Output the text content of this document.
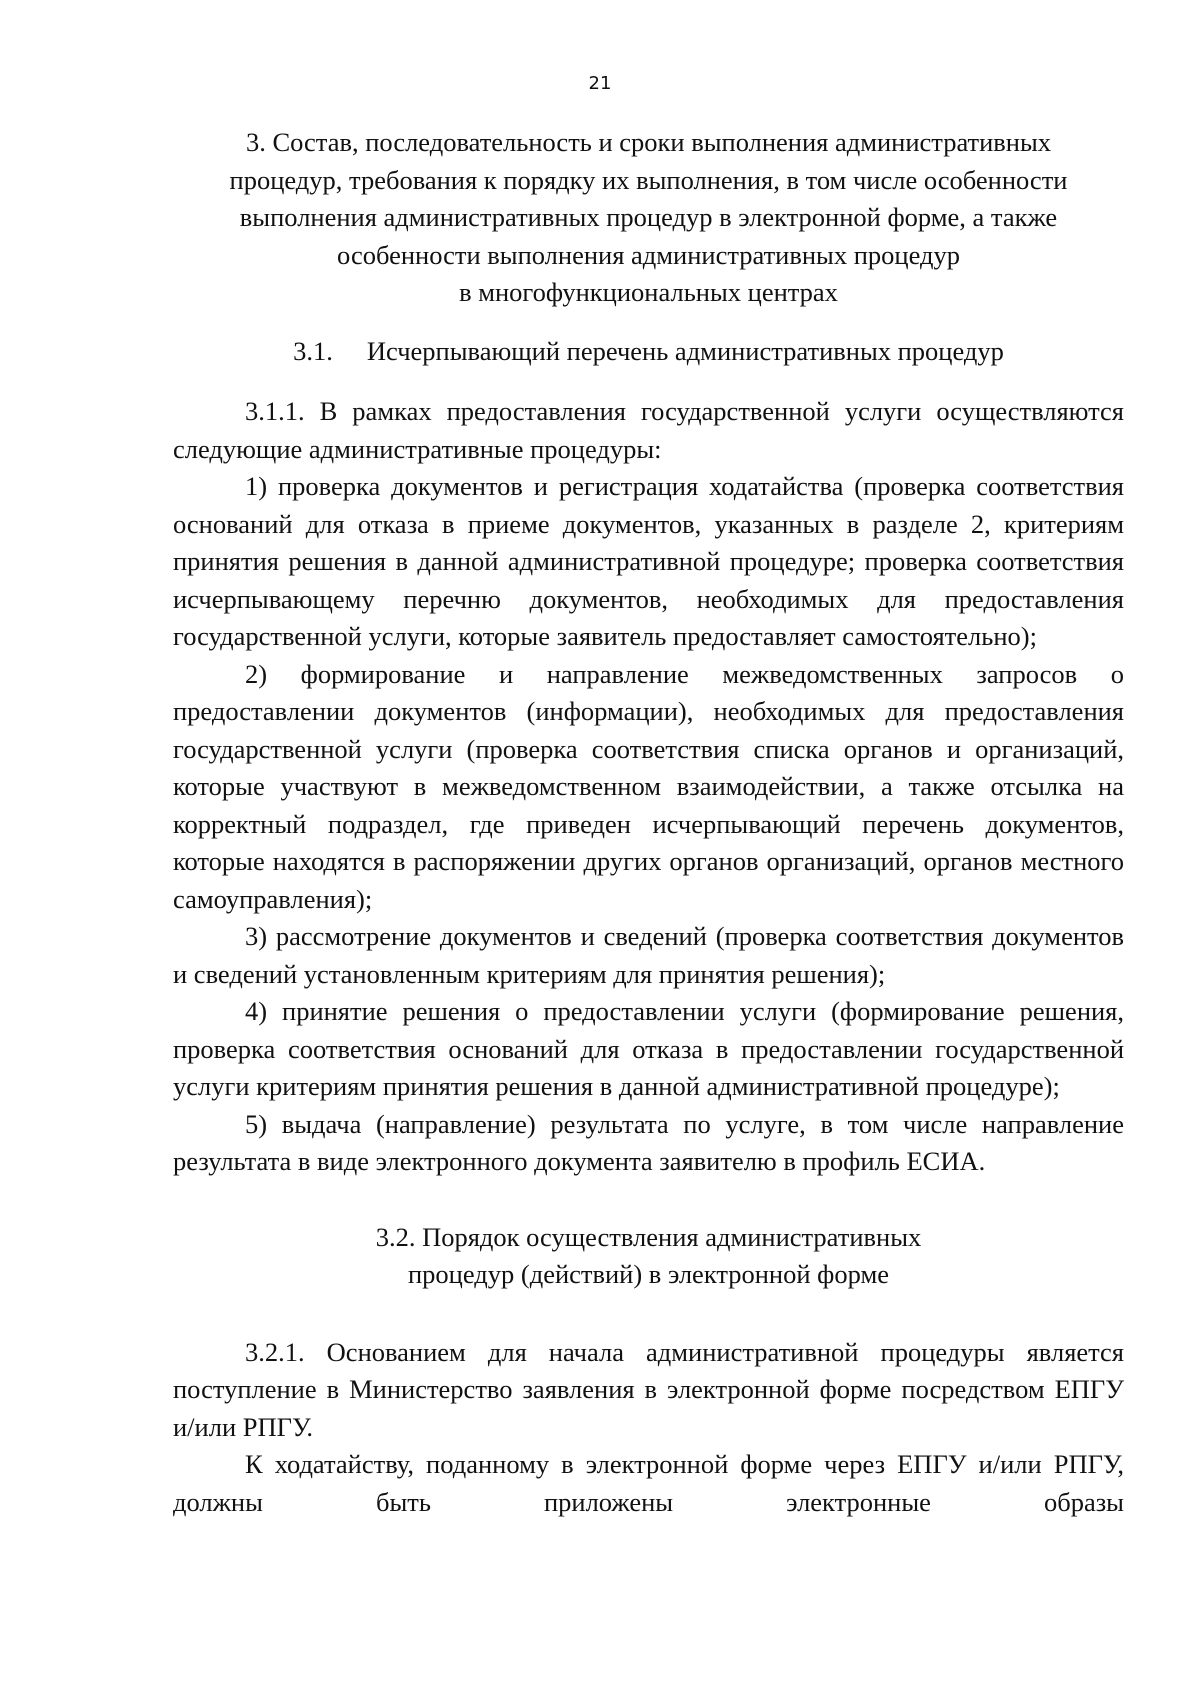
21
3. Состав, последовательность и сроки выполнения административных
процедур, требования к порядку их выполнения, в том числе особенности
выполнения административных процедур в электронной форме, а также
особенности выполнения административных процедур
в многофункциональных центрах
3.1. Исчерпывающий перечень административных процедур

3.1.1. В рамках предоставления государственной услуги осуществляются следующие административные процедуры:

1) проверка документов и регистрация ходатайства (проверка соответствия оснований для отказа в приеме документов, указанных в разделе 2, критериям принятия решения в данной административной процедуре; проверка соответствия исчерпывающему перечню документов, необходимых для предоставления государственной услуги, которые заявитель предоставляет самостоятельно);

2) формирование и направление межведомственных запросов о предоставлении документов (информации), необходимых для предоставления государственной услуги (проверка соответствия списка органов и организаций, которые участвуют в межведомственном взаимодействии, а также отсылка на корректный подраздел, где приведен исчерпывающий перечень документов, которые находятся в распоряжении других органов организаций, органов местного самоуправления);

3) рассмотрение документов и сведений (проверка соответствия документов и сведений установленным критериям для принятия решения);

4) принятие решения о предоставлении услуги (формирование решения, проверка соответствия оснований для отказа в предоставлении государственной услуги критериям принятия решения в данной административной процедуре);

5) выдача (направление) результата по услуге, в том числе направление результата в виде электронного документа заявителю в профиль ЕСИА.

3.2. Порядок осуществления административных
процедур (действий) в электронной форме

3.2.1. Основанием для начала административной процедуры является поступление в Министерство заявления в электронной форме посредством ЕПГУ и/или РПГУ.

К ходатайству, поданному в электронной форме через ЕПГУ и/или РПГУ, должны быть приложены электронные образы
